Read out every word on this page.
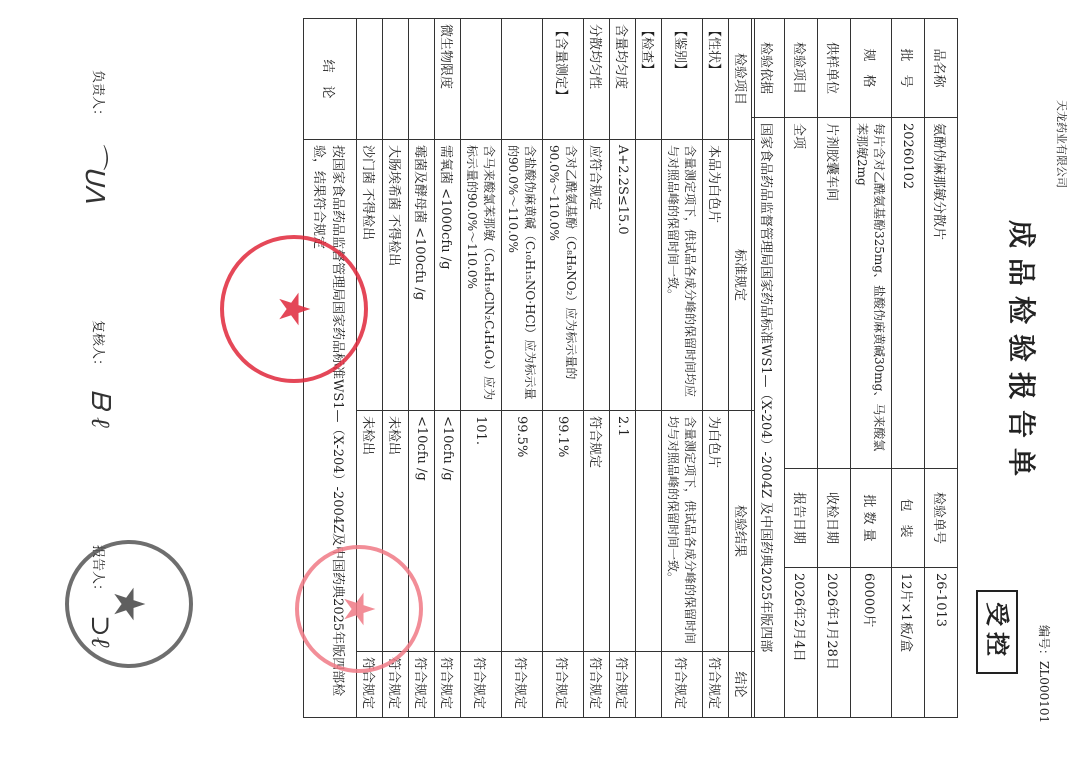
天龙药业有限公司
编号：ZL000101
受控
成品检验报告单
品名称	氨酚伪麻那敏分散片	检验单号	26-1013
批　号	20260102	包　装	12片×1板/盒
规　格	每片含对乙酰氨基酚325mg、盐酸伪麻黄碱30mg、马来酸氯苯那敏2mg	批 数 量	60000片
供样单位	片剂胶囊车间	收检日期	2026年1月28日
检验项目	全项	报告日期	2026年2月4日
检验依据	国家食品药品监督管理局国家药品标准WS1—（X-204）-2004Z 及中国药典2025年版四部		
检验项目	标准规定	检验结果	结论
【性状】	本品为白色片	为白色片	符合规定
【鉴别】	含量测定项下，供试品各成分峰的保留时间均应与对照品峰的保留时间一致。	含量测定项下，供试品各成分峰的保留时间均与对照品峰的保留时间一致。	符合规定
【检查】			
含量均匀度	A+2.2S≤15.0	2.1	符合规定
分散均匀性	应符合规定	符合规定	符合规定
【含量测定】	含对乙酰氨基酚（C₈H₉NO₂）应为标示量的90.0%～110.0%	99.1%	符合规定
	含盐酸伪麻黄碱（C₁₀H₁₅NO·HCl）应为标示量的90.0%～110.0%	99.5%	符合规定
	含马来酸氯苯那敏（C₁₆H₁₉ClN₂C₄H₄O₄）应为标示量的90.0%～110.0%	101.	符合规定
微生物限度	需氧菌 <1000cfu /g	<10cfu /g	符合规定
	霉菌及酵母菌 <100cfu /g	<10cfu /g	符合规定
	大肠埃希菌 不得检出	未检出	符合规定
	沙门菌 不得检出	未检出	符合规定
结　论	按国家食品药品监督管理局国家药品标准WS1—（X-204）-2004Z及中国药典2025年版四部检验，结果符合规定		
负责人：
⌒ᑌᐱ
复核人：
ᗷ ℓ
报告人：
⊃ℓ
★
★
★
